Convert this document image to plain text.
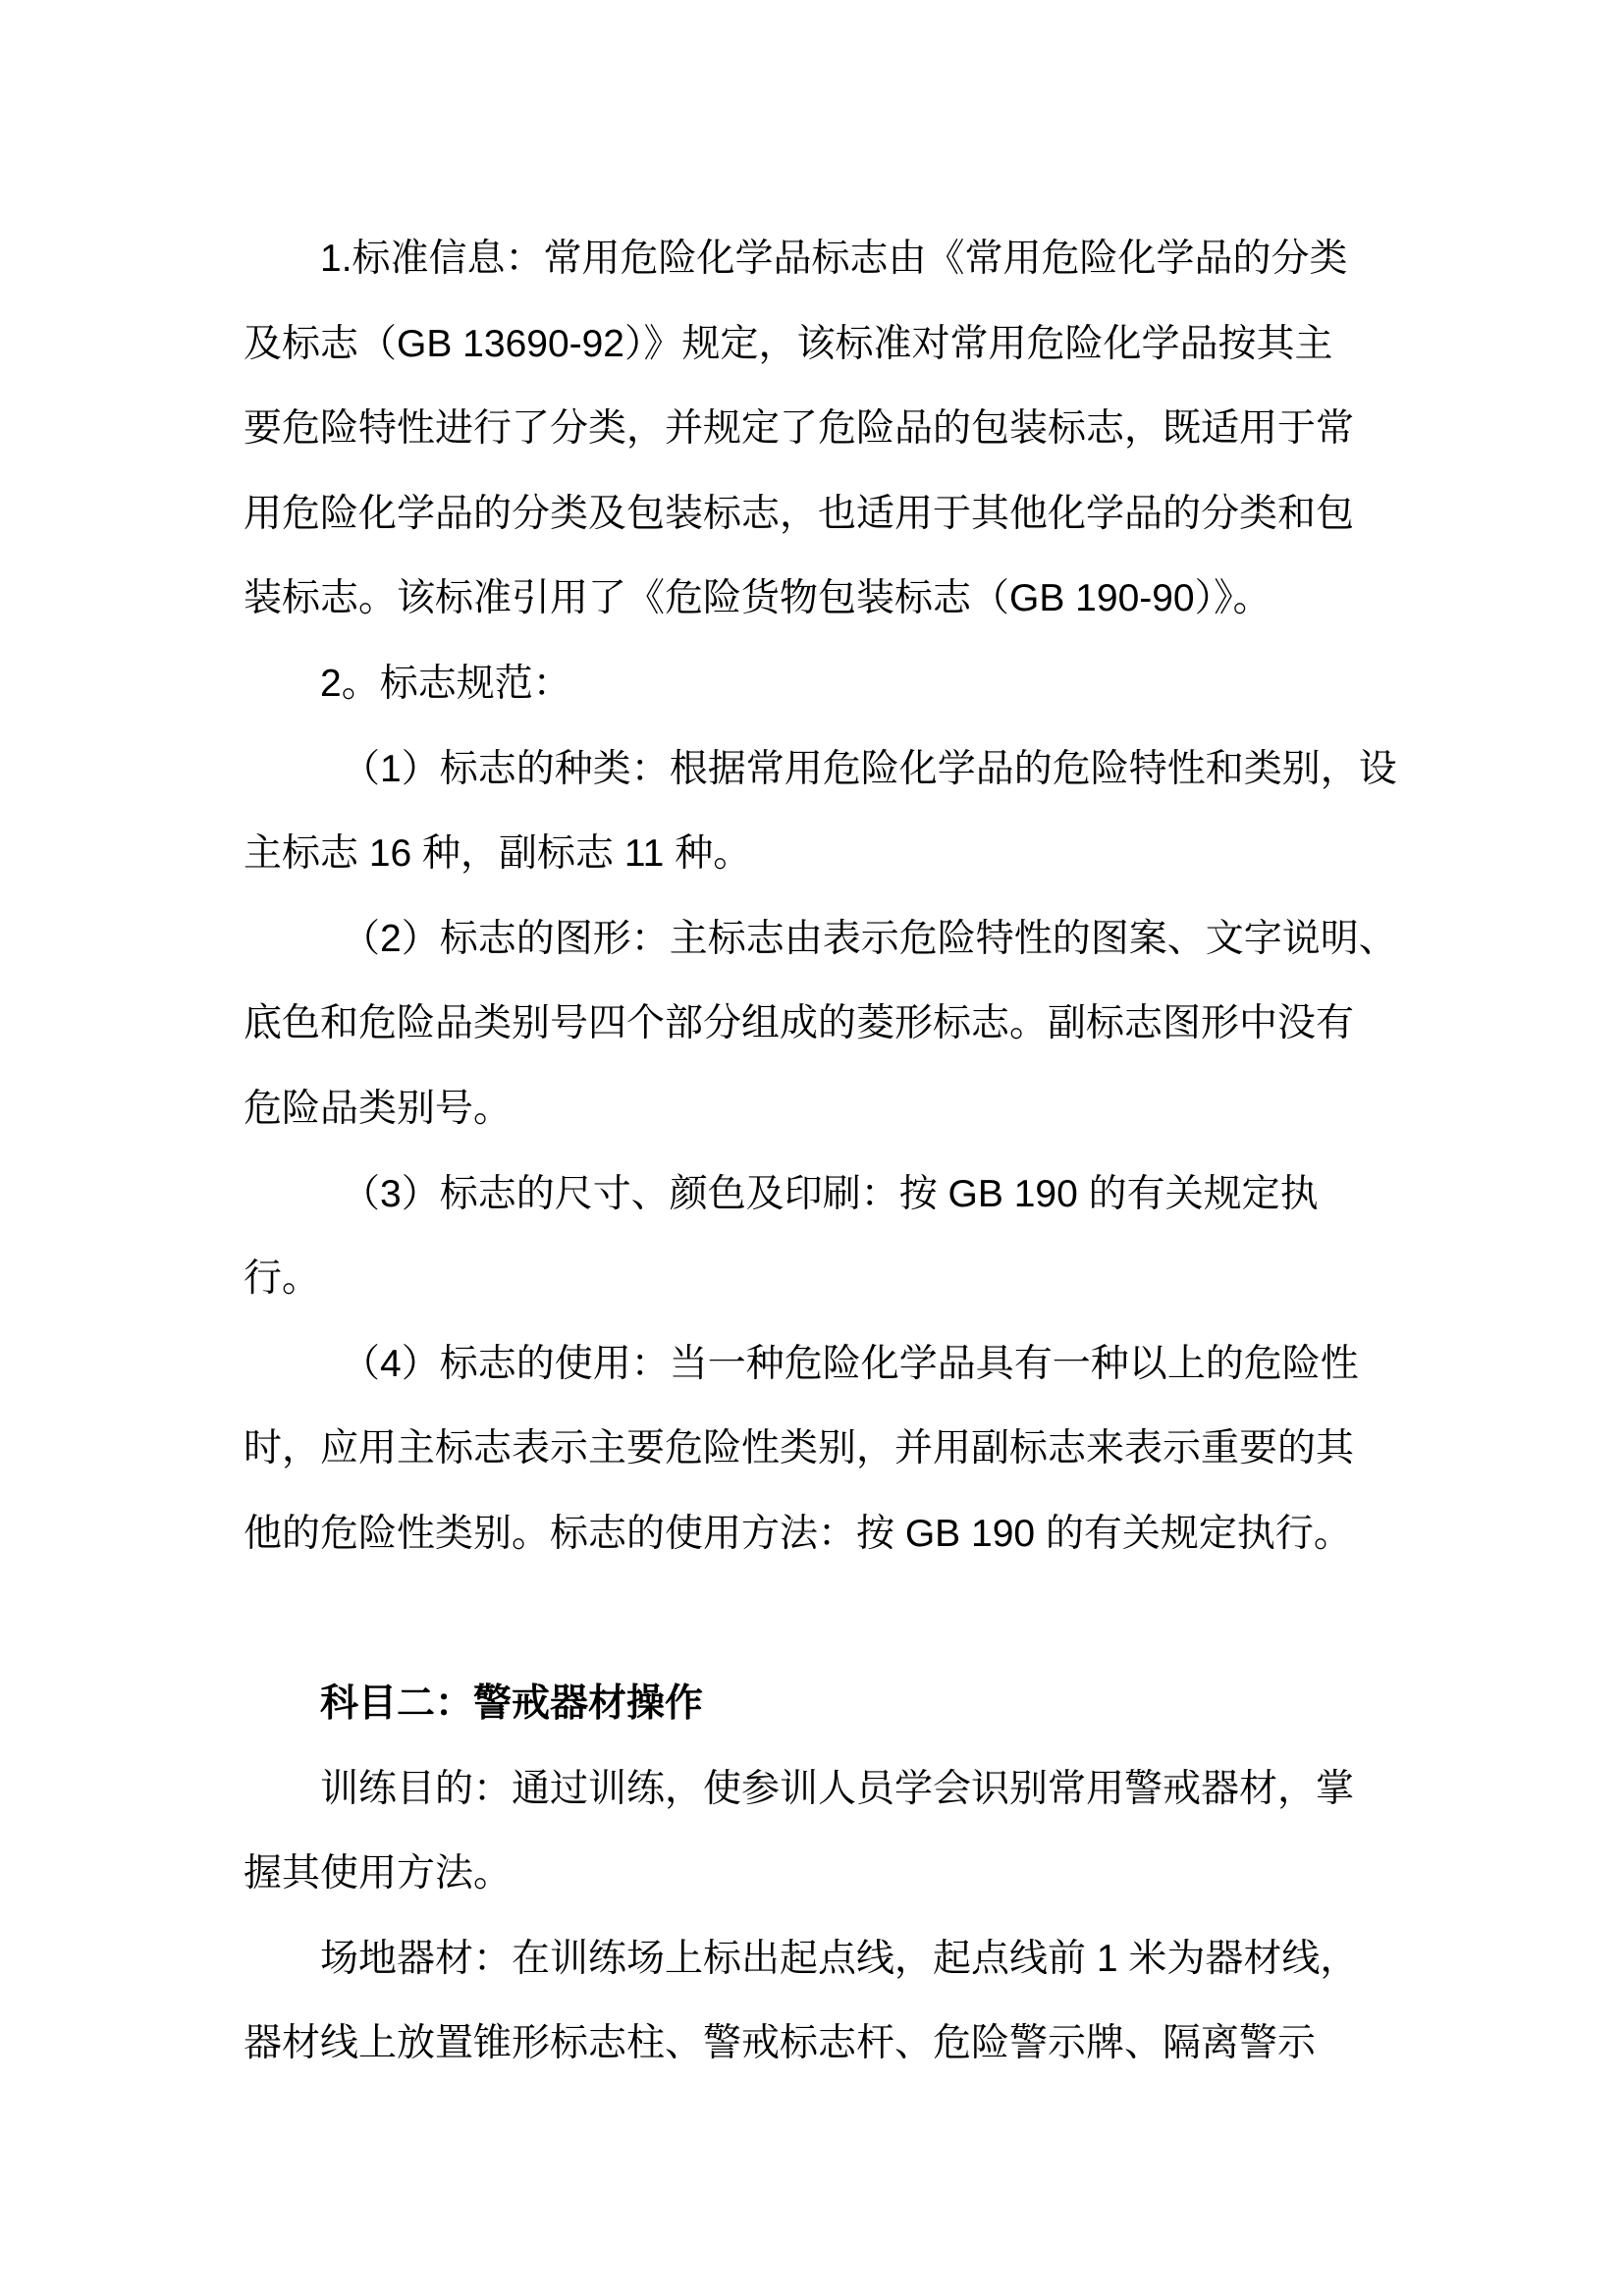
1.标准信息：常用危险化学品标志由《常用危险化学品的分类
及标志（GB 13690-92）》规定，该标准对常用危险化学品按其主
要危险特性进行了分类，并规定了危险品的包装标志，既适用于常
用危险化学品的分类及包装标志，也适用于其他化学品的分类和包
装标志。该标准引用了《危险货物包装标志（GB 190-90）》。
2。标志规范：
（1）标志的种类：根据常用危险化学品的危险特性和类别，设
主标志 16 种，副标志 11 种。
（2）标志的图形：主标志由表示危险特性的图案、文字说明、
底色和危险品类别号四个部分组成的菱形标志。副标志图形中没有
危险品类别号。
（3）标志的尺寸、颜色及印刷：按 GB 190 的有关规定执
行。
（4）标志的使用：当一种危险化学品具有一种以上的危险性
时，应用主标志表示主要危险性类别，并用副标志来表示重要的其
他的危险性类别。标志的使用方法：按 GB 190 的有关规定执行。
科目二：警戒器材操作
训练目的：通过训练，使参训人员学会识别常用警戒器材，掌
握其使用方法。
场地器材：在训练场上标出起点线，起点线前 1 米为器材线，
器材线上放置锥形标志柱、警戒标志杆、危险警示牌、隔离警示
